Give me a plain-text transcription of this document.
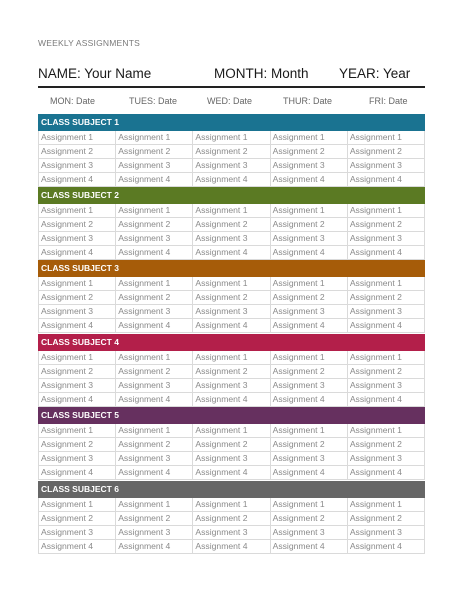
WEEKLY ASSIGNMENTS
NAME: Your Name	MONTH: Month YEAR: Year
MON: Date	TUES: Date	WED: Date	THUR: Date	FRI: Date
CLASS SUBJECT 1
Assignment 1	Assignment 1	Assignment 1	Assignment 1	Assignment 1
Assignment 2	Assignment 2	Assignment 2	Assignment 2	Assignment 2
Assignment 3	Assignment 3	Assignment 3	Assignment 3	Assignment 3
Assignment 4	Assignment 4	Assignment 4	Assignment 4	Assignment 4
CLASS SUBJECT 2
Assignment 1	Assignment 1	Assignment 1	Assignment 1	Assignment 1
Assignment 2	Assignment 2	Assignment 2	Assignment 2	Assignment 2
Assignment 3	Assignment 3	Assignment 3	Assignment 3	Assignment 3
Assignment 4	Assignment 4	Assignment 4	Assignment 4	Assignment 4
CLASS SUBJECT 3
Assignment 1	Assignment 1	Assignment 1	Assignment 1	Assignment 1
Assignment 2	Assignment 2	Assignment 2	Assignment 2	Assignment 2
Assignment 3	Assignment 3	Assignment 3	Assignment 3	Assignment 3
Assignment 4	Assignment 4	Assignment 4	Assignment 4	Assignment 4
CLASS SUBJECT 4
Assignment 1	Assignment 1	Assignment 1	Assignment 1	Assignment 1
Assignment 2	Assignment 2	Assignment 2	Assignment 2	Assignment 2
Assignment 3	Assignment 3	Assignment 3	Assignment 3	Assignment 3
Assignment 4	Assignment 4	Assignment 4	Assignment 4	Assignment 4
CLASS SUBJECT 5
Assignment 1	Assignment 1	Assignment 1	Assignment 1	Assignment 1
Assignment 2	Assignment 2	Assignment 2	Assignment 2	Assignment 2
Assignment 3	Assignment 3	Assignment 3	Assignment 3	Assignment 3
Assignment 4	Assignment 4	Assignment 4	Assignment 4	Assignment 4
CLASS SUBJECT 6
Assignment 1	Assignment 1	Assignment 1	Assignment 1	Assignment 1
Assignment 2	Assignment 2	Assignment 2	Assignment 2	Assignment 2
Assignment 3	Assignment 3	Assignment 3	Assignment 3	Assignment 3
Assignment 4	Assignment 4	Assignment 4	Assignment 4	Assignment 4
